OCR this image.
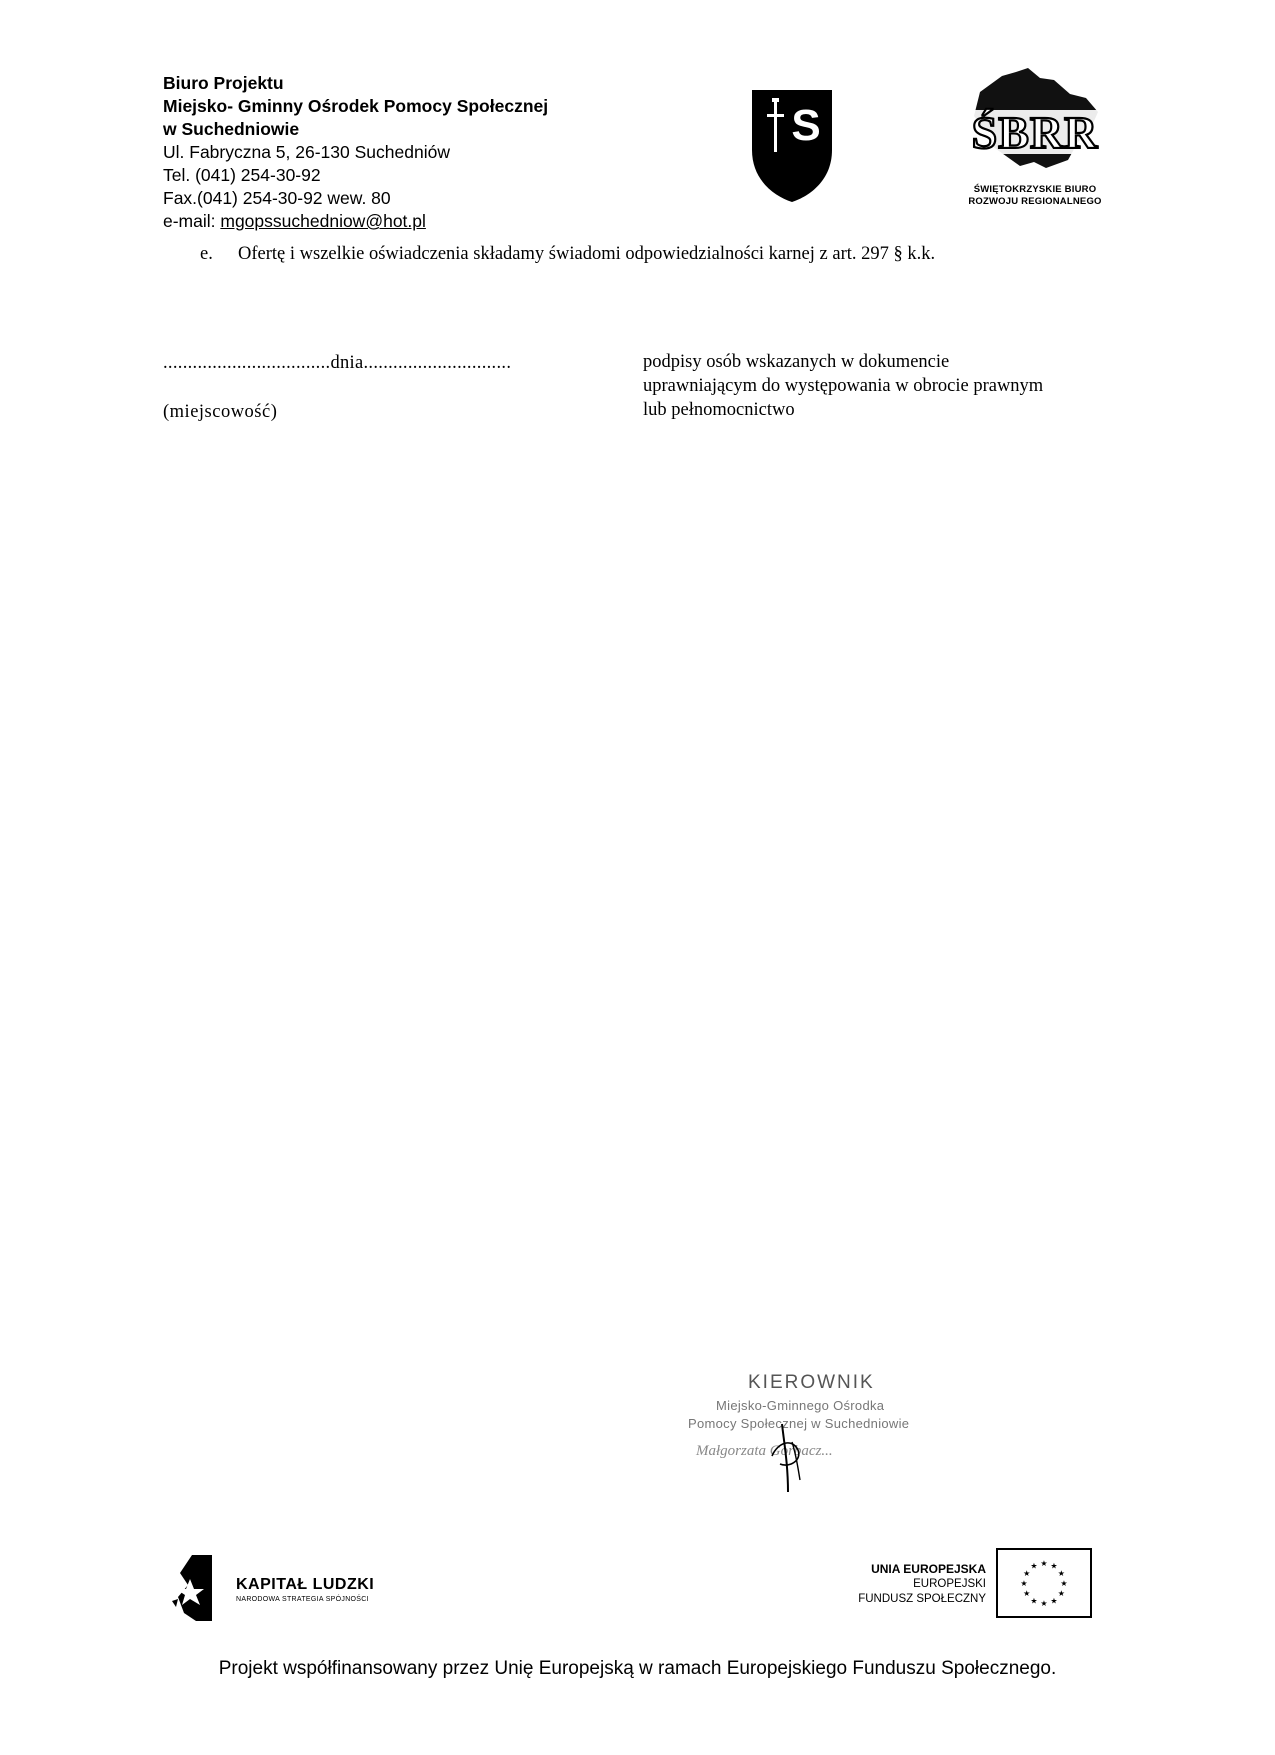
Biuro Projektu
Miejsko- Gminny Ośrodek Pomocy Społecznej
w Suchedniowie
Ul. Fabryczna 5, 26-130 Suchedniów
Tel. (041) 254-30-92
Fax.(041) 254-30-92 wew. 80
e-mail: mgopssuchedniow@hot.pl
S	ŚBRR
ŚWIĘTOKRZYSKIE BIURO
ROZWOJU REGIONALNEGO
e. Ofertę i wszelkie oświadczenia składamy świadomi odpowiedzialności karnej z art. 297 § k.k.
..................................dnia..............................
(miejscowość)
podpisy osób wskazanych w dokumencie
uprawniającym do występowania w obrocie prawnym
lub pełnomocnictwo
KIEROWNIK
Miejsko-Gminnego Ośrodka
Pomocy Społecznej w Suchedniowie
Małgorzata Gorbacz...
KAPITAŁ LUDZKI
NARODOWA STRATEGIA SPÓJNOŚCI
UNIA EUROPEJSKA
EUROPEJSKI
FUNDUSZ SPOŁECZNY
★ ★
★
★
★
★
★
★
★
★
★
★
Projekt współfinansowany przez Unię Europejską w ramach Europejskiego Funduszu Społecznego.
